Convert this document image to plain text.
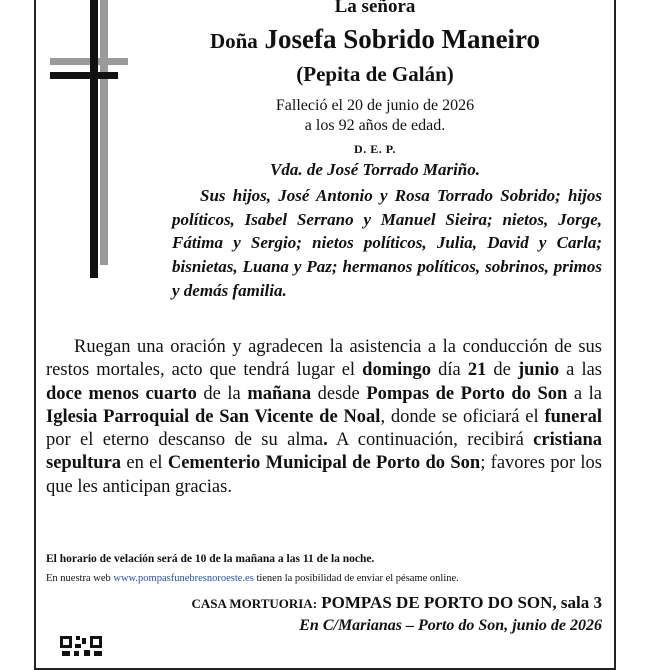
La señora
Doña Josefa Sobrido Maneiro
(Pepita de Galán)
Falleció el 20 de junio de 2026
a los 92 años de edad.
D. E. P.
Vda. de José Torrado Mariño.
Sus hijos, José Antonio y Rosa Torrado Sobrido; hijos políticos, Isabel Serrano y Manuel Sieira; nietos, Jorge, Fátima y Sergio; nietos políticos, Julia, David y Carla; bisnietas, Luana y Paz; hermanos políticos, sobrinos, primos y demás familia.
Ruegan una oración y agradecen la asistencia a la conducción de sus restos mortales, acto que tendrá lugar el domingo día 21 de junio a las doce menos cuarto de la mañana desde Pompas de Porto do Son a la Iglesia Parroquial de San Vicente de Noal, donde se oficiará el funeral por el eterno descanso de su alma. A continuación, recibirá cristiana sepultura en el Cementerio Municipal de Porto do Son; favores por los que les anticipan gracias.
El horario de velación será de 10 de la mañana a las 11 de la noche.
En nuestra web www.pompasfunebresnoroeste.es tienen la posibilidad de enviar el pésame online.
CASA MORTUORIA: POMPAS DE PORTO DO SON, sala 3
En C/Marianas – Porto do Son, junio de 2026
